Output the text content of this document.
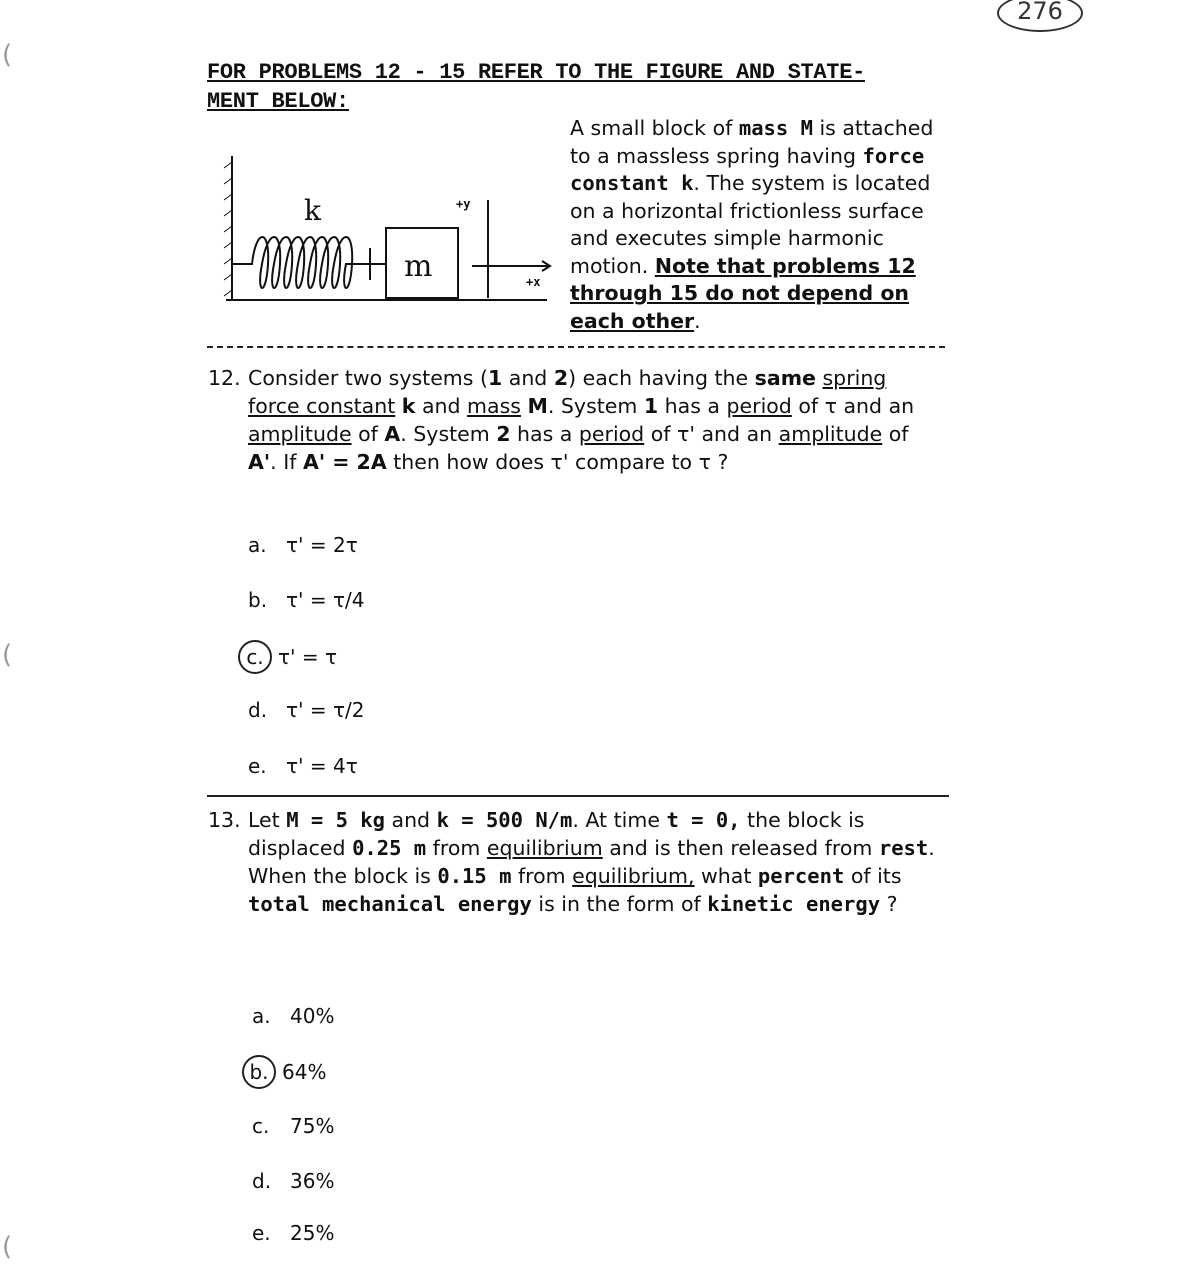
276
(
(
(
FOR PROBLEMS 12 - 15 REFER TO THE FIGURE AND STATE-
MENT BELOW:
k
m
+y
+x
A small block of mass M is attached to a massless spring having force constant k. The system is located on a horizontal frictionless surface and executes simple harmonic motion. Note that problems 12 through 15 do not depend on each other.
12. Consider two systems (1 and 2) each having the same spring force constant k and mass M. System 1 has a period of τ and an amplitude of A. System 2 has a period of τ' and an amplitude of A'. If A' = 2A then how does τ' compare to τ ?
a. τ' = 2τ
b. τ' = τ/4
c. τ' = τ
d. τ' = τ/2
e. τ' = 4τ
13. Let M = 5 kg and k = 500 N/m. At time t = 0, the block is displaced 0.25 m from equilibrium and is then released from rest. When the block is 0.15 m from equilibrium, what percent of its total mechanical energy is in the form of kinetic energy ?
a. 40%
b. 64%
c. 75%
d. 36%
e. 25%
